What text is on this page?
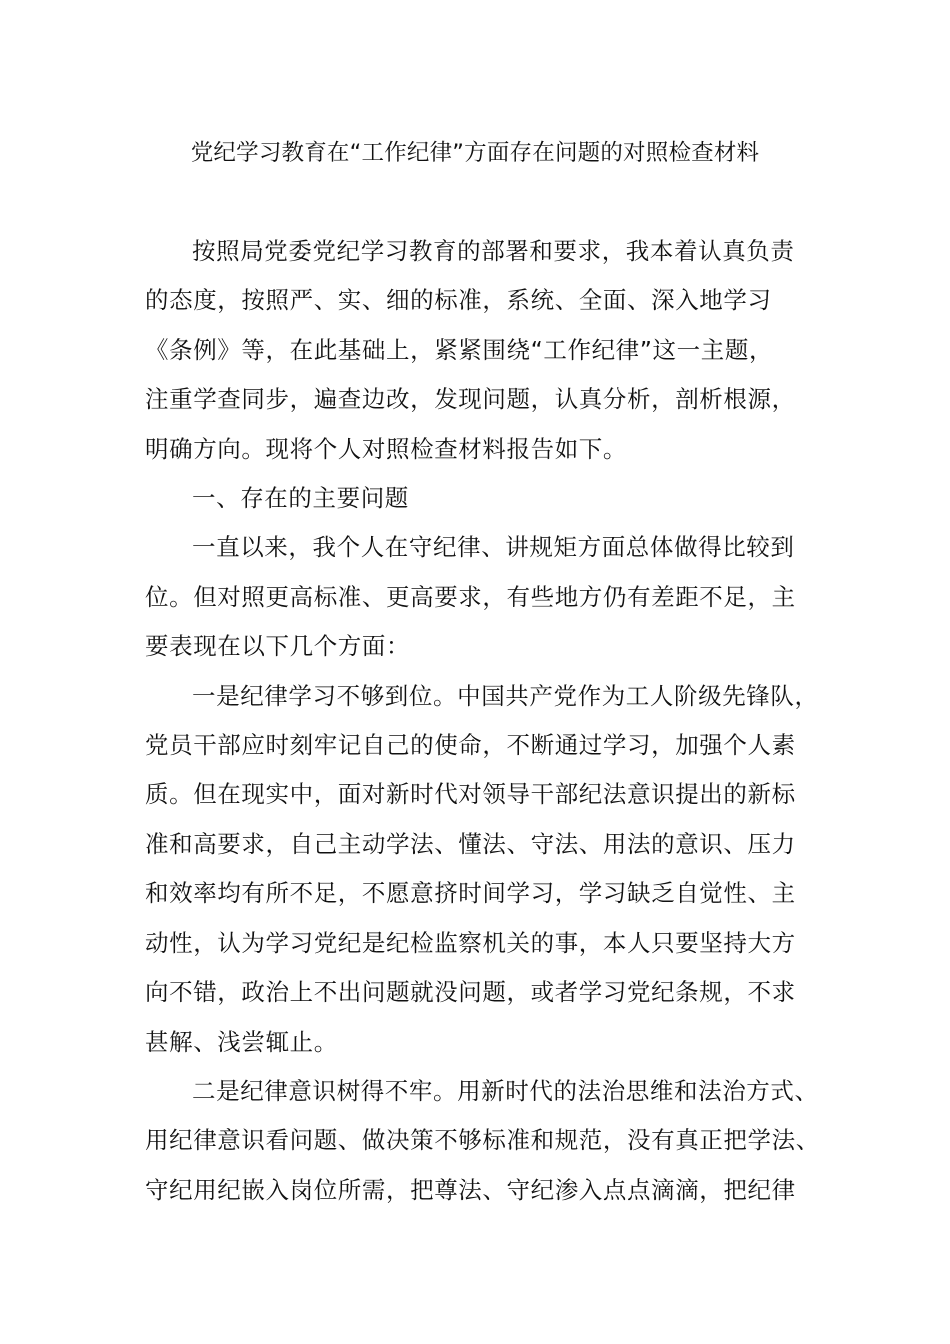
党纪学习教育在“工作纪律”方面存在问题的对照检查材料
按照局党委党纪学习教育的部署和要求，我本着认真负责
的态度，按照严、实、细的标准，系统、全面、深入地学习
《条例》等，在此基础上，紧紧围绕“工作纪律”这一主题，
注重学查同步，遍查边改，发现问题，认真分析，剖析根源，
明确方向。现将个人对照检查材料报告如下。
一、存在的主要问题
一直以来，我个人在守纪律、讲规矩方面总体做得比较到
位。但对照更高标准、更高要求，有些地方仍有差距不足，主
要表现在以下几个方面：
一是纪律学习不够到位。中国共产党作为工人阶级先锋队，
党员干部应时刻牢记自己的使命，不断通过学习，加强个人素
质。但在现实中，面对新时代对领导干部纪法意识提出的新标
准和高要求，自己主动学法、懂法、守法、用法的意识、压力
和效率均有所不足，不愿意挤时间学习，学习缺乏自觉性、主
动性，认为学习党纪是纪检监察机关的事，本人只要坚持大方
向不错，政治上不出问题就没问题，或者学习党纪条规，不求
甚解、浅尝辄止。
二是纪律意识树得不牢。用新时代的法治思维和法治方式、
用纪律意识看问题、做决策不够标准和规范，没有真正把学法、
守纪用纪嵌入岗位所需，把尊法、守纪渗入点点滴滴，把纪律
